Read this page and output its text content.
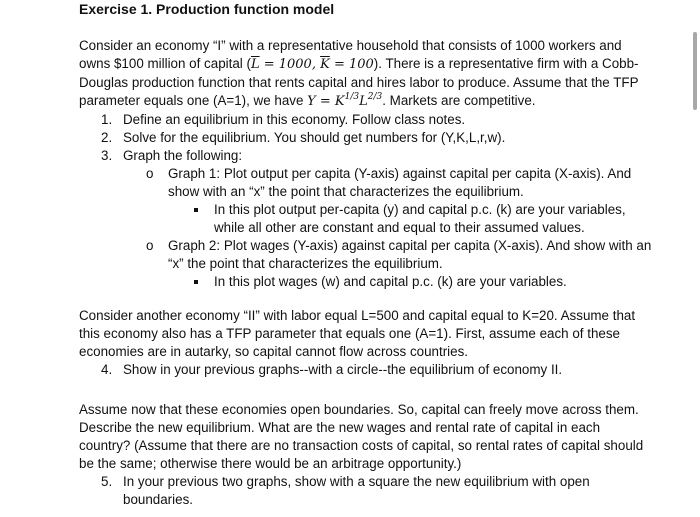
Exercise 1. Production function model

Consider an economy “I” with a representative household that consists of 1000 workers and

owns $100 million of capital ($\overline{L} = 1000$, $\overline{K} = 100$). There is a representative firm with a Cobb-

Douglas production function that rents capital and hires labor to produce. Assume that the TFP

parameter equals one (A=1), we have $Y = K^{1/3}L^{2/3}$. Markets are competitive.

1. Define an equilibrium in this economy. Follow class notes.
2. Solve for the equilibrium. You should get numbers for (Y,K,L,r,w).
3. Graph the following:
o	Graph 1: Plot output per capita (Y-axis) against capital per capita (X-axis). And
show with an “x” the point that characterizes the equilibrium.
In this plot output per-capita (y) and capital p.c. (k) are your variables,
while all other are constant and equal to their assumed values.
o	Graph 2: Plot wages (Y-axis) against capital per capita (X-axis). And show with an
“x” the point that characterizes the equilibrium.
In this plot wages (w) and capital p.c. (k) are your variables.

Consider another economy “II” with labor equal L=500 and capital equal to K=20. Assume that

this economy also has a TFP parameter that equals one (A=1). First, assume each of these

economies are in autarky, so capital cannot flow across countries.

4. Show in your previous graphs--with a circle--the equilibrium of economy II.

Assume now that these economies open boundaries. So, capital can freely move across them.

Describe the new equilibrium. What are the new wages and rental rate of capital in each

country? (Assume that there are no transaction costs of capital, so rental rates of capital should

be the same; otherwise there would be an arbitrage opportunity.)

5. In your previous two graphs, show with a square the new equilibrium with open
boundaries.
